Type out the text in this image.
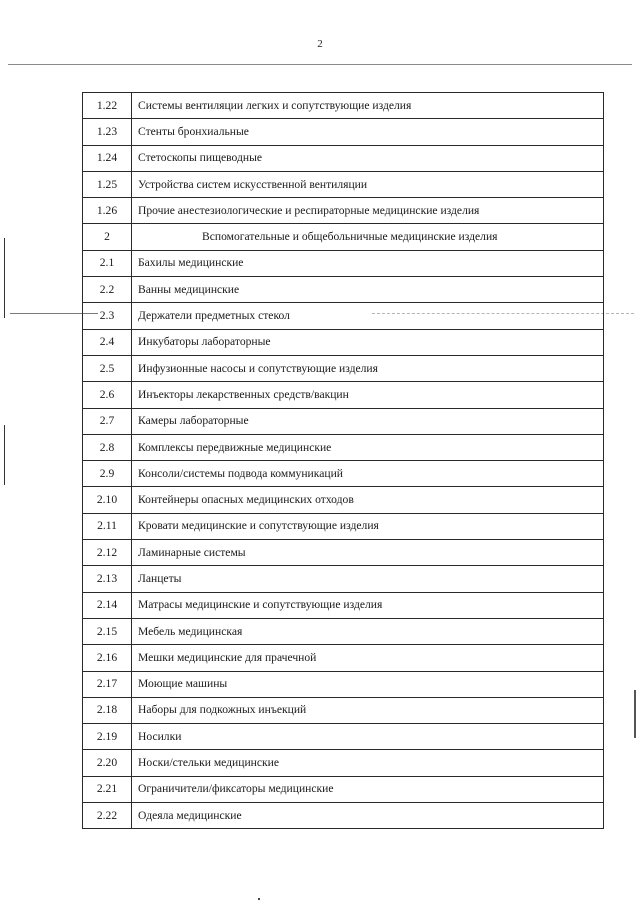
2
1.22	Системы вентиляции легких и сопутствующие изделия
1.23	Стенты бронхиальные
1.24	Стетоскопы пищеводные
1.25	Устройства систем искусственной вентиляции
1.26	Прочие анестезиологические и респираторные медицинские изделия
2	Вспомогательные и общебольничные медицинские изделия
2.1	Бахилы медицинские
2.2	Ванны медицинские
2.3	Держатели предметных стекол
2.4	Инкубаторы лабораторные
2.5	Инфузионные насосы и сопутствующие изделия
2.6	Инъекторы лекарственных средств/вакцин
2.7	Камеры лабораторные
2.8	Комплексы передвижные медицинские
2.9	Консоли/системы подвода коммуникаций
2.10	Контейнеры опасных медицинских отходов
2.11	Кровати медицинские и сопутствующие изделия
2.12	Ламинарные системы
2.13	Ланцеты
2.14	Матрасы медицинские и сопутствующие изделия
2.15	Мебель медицинская
2.16	Мешки медицинские для прачечной
2.17	Моющие машины
2.18	Наборы для подкожных инъекций
2.19	Носилки
2.20	Носки/стельки медицинские
2.21	Ограничители/фиксаторы медицинские
2.22	Одеяла медицинские
